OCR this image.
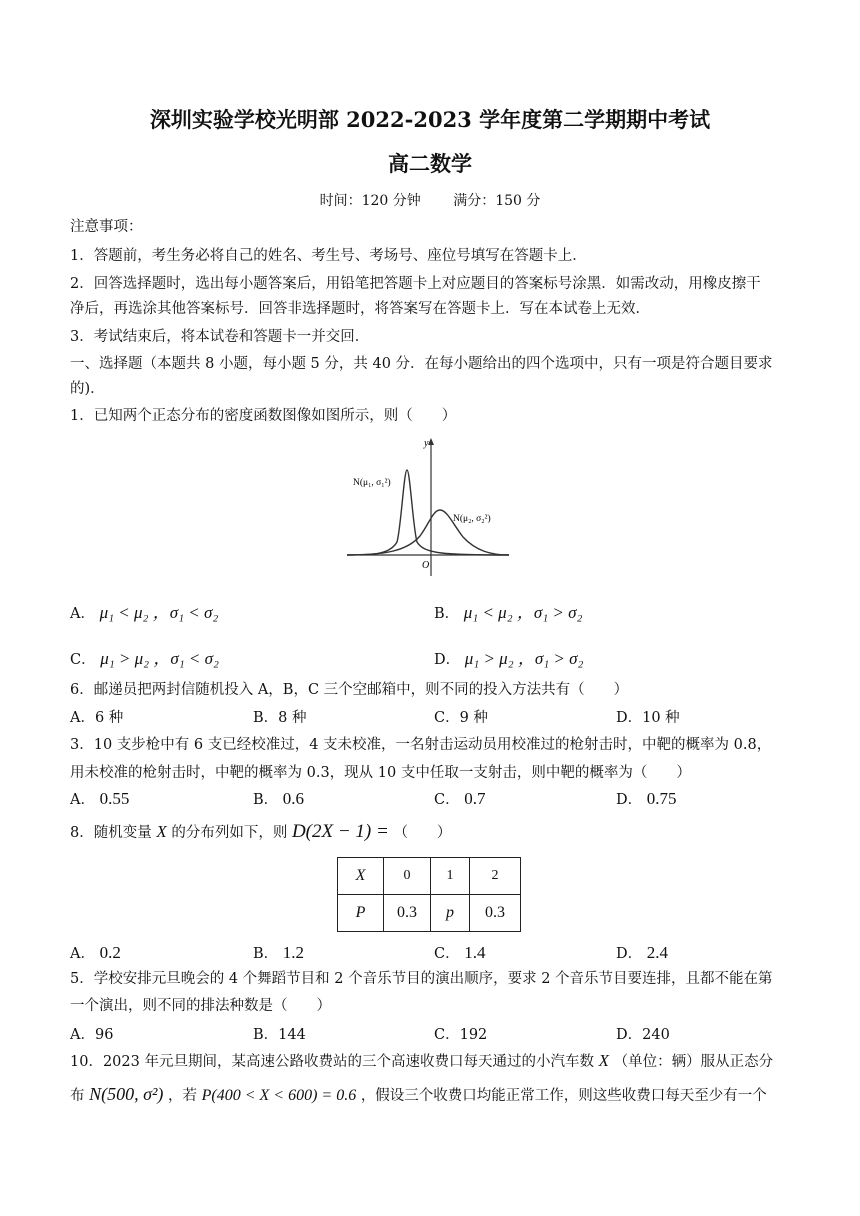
深圳实验学校光明部 2022-2023 学年度第二学期期中考试
高二数学
时间：120 分钟 满分：150 分
注意事项：
1．答题前，考生务必将自己的姓名、考生号、考场号、座位号填写在答题卡上．
2．回答选择题时，选出每小题答案后，用铅笔把答题卡上对应题目的答案标号涂黑．如需改动，用橡皮擦干
净后，再选涂其他答案标号．回答非选择题时，将答案写在答题卡上．写在本试卷上无效．
3．考试结束后，将本试卷和答题卡一并交回．
一、选择题（本题共 8 小题，每小题 5 分，共 40 分．在每小题给出的四个选项中，只有一项是符合题目要求
的)．
1．已知两个正态分布的密度函数图像如图所示，则（　　）
y
O
N(μ₁, σ₁²)
N(μ₂, σ₂²)
A． μ₁ < μ₂ ，σ₁ < σ₂	B． μ₁ < μ₂ ，σ₁ > σ₂
C． μ₁ > μ₂ ，σ₁ < σ₂	D． μ₁ > μ₂ ，σ₁ > σ₂
6．邮递员把两封信随机投入 A，B，C 三个空邮箱中，则不同的投入方法共有（　　）
A．6 种	B．8 种	C．9 种	D．10 种
3．10 支步枪中有 6 支已经校准过，4 支未校准，一名射击运动员用校准过的枪射击时，中靶的概率为 0.8，
用未校准的枪射击时，中靶的概率为 0.3，现从 10 支中任取一支射击，则中靶的概率为（　　）
A． 0.55	B． 0.6	C． 0.7	D． 0.75
8．随机变量 X 的分布列如下，则 D(2X − 1) = （　　）
X	0	1	2
P	0.3	p	0.3
A． 0.2	B． 1.2	C． 1.4	D． 2.4
5．学校安排元旦晚会的 4 个舞蹈节目和 2 个音乐节目的演出顺序，要求 2 个音乐节目要连排，且都不能在第
一个演出，则不同的排法种数是（　　）
A．96	B．144	C．192	D．240
10．2023 年元旦期间，某高速公路收费站的三个高速收费口每天通过的小汽车数 X （单位：辆）服从正态分
布 N(500, σ²) ，若 P(400 < X < 600) = 0.6 ，假设三个收费口均能正常工作，则这些收费口每天至少有一个
